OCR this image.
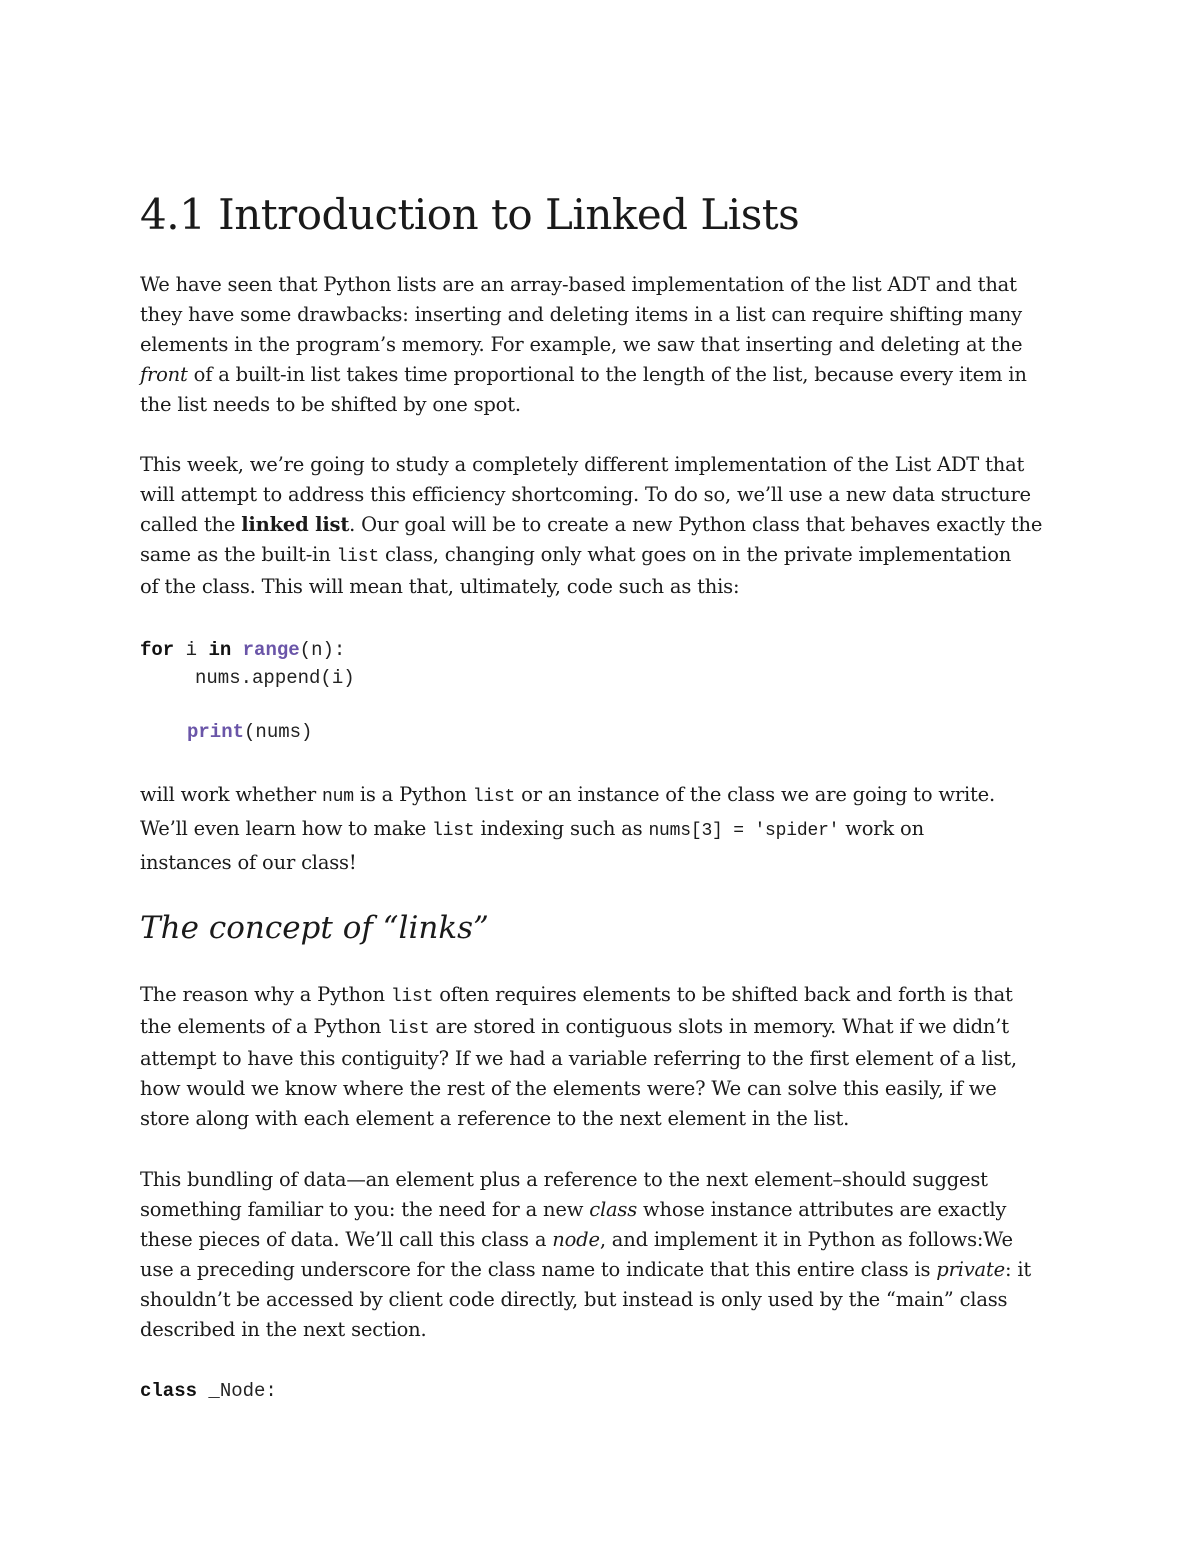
4.1 Introduction to Linked Lists
We have seen that Python lists are an array-based implementation of the list ADT and that
they have some drawbacks: inserting and deleting items in a list can require shifting many
elements in the program’s memory. For example, we saw that inserting and deleting at the
front of a built-in list takes time proportional to the length of the list, because every item in
the list needs to be shifted by one spot.
This week, we’re going to study a completely different implementation of the List ADT that
will attempt to address this efficiency shortcoming. To do so, we’ll use a new data structure
called the linked list. Our goal will be to create a new Python class that behaves exactly the
same as the built-in list class, changing only what goes on in the private implementation
of the class. This will mean that, ultimately, code such as this:
for i in range(n):
nums.append(i)
print(nums)
will work whether num is a Python list or an instance of the class we are going to write.
We’ll even learn how to make list indexing such as nums[3] = 'spider' work on
instances of our class!
The concept of “links”
The reason why a Python list often requires elements to be shifted back and forth is that
the elements of a Python list are stored in contiguous slots in memory. What if we didn’t
attempt to have this contiguity? If we had a variable referring to the first element of a list,
how would we know where the rest of the elements were? We can solve this easily, if we
store along with each element a reference to the next element in the list.
This bundling of data—an element plus a reference to the next element–should suggest
something familiar to you: the need for a new class whose instance attributes are exactly
these pieces of data. We’ll call this class a node, and implement it in Python as follows:We
use a preceding underscore for the class name to indicate that this entire class is private: it
shouldn’t be accessed by client code directly, but instead is only used by the “main” class
described in the next section.
class _Node:
